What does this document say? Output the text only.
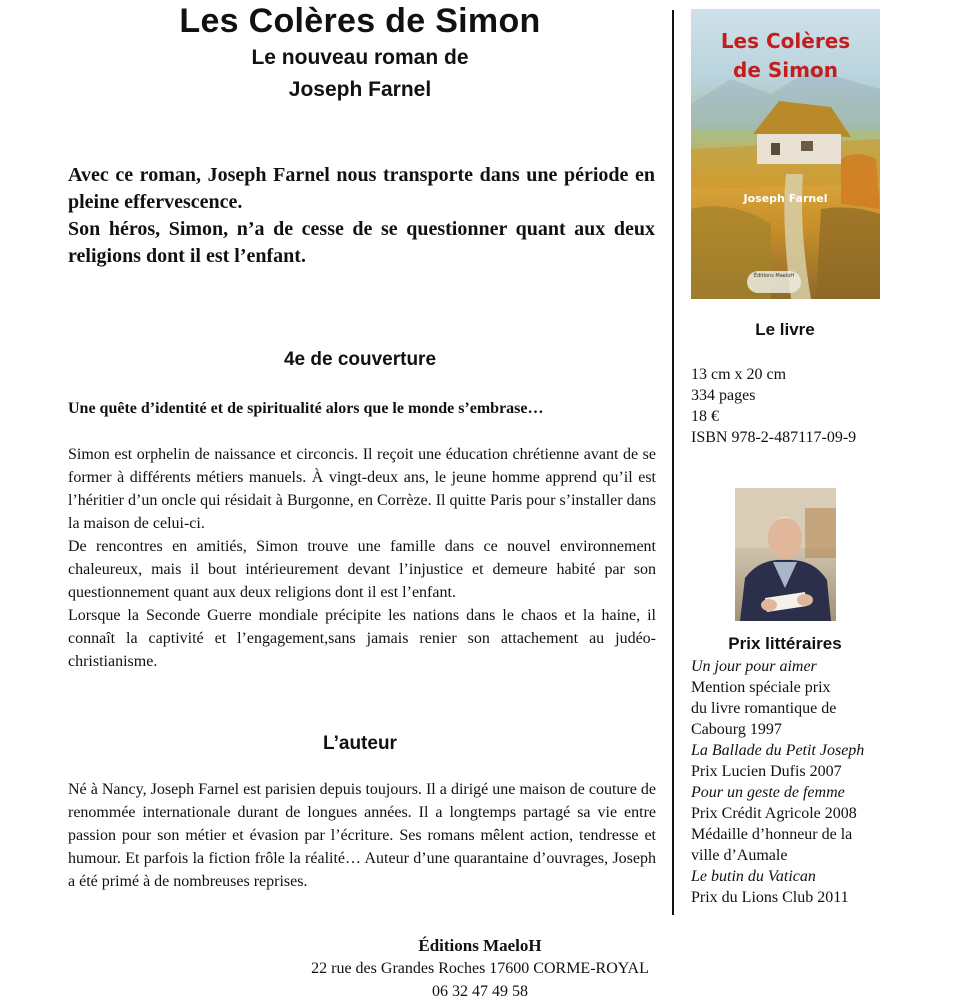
Les Colères de Simon
Le nouveau roman de
Joseph Farnel

Avec ce roman, Joseph Farnel nous transporte dans une période en pleine effervescence.

Son héros, Simon, n’a de cesse de se questionner quant aux deux religions dont il est l’enfant.

4e de couverture
Une quête d’identité et de spiritualité alors que le monde s’embrase…

Simon est orphelin de naissance et circoncis. Il reçoit une éducation chrétienne avant de se former à différents métiers manuels. À vingt-deux ans, le jeune homme apprend qu’il est l’héritier d’un oncle qui résidait à Burgonne, en Corrèze. Il quitte Paris pour s’installer dans la maison de celui-ci.

De rencontres en amitiés, Simon trouve une famille dans ce nouvel environnement chaleureux, mais il bout intérieurement devant l’injustice et demeure habité par son questionnement quant aux deux religions dont il est l’enfant.

Lorsque la Seconde Guerre mondiale précipite les nations dans le chaos et la haine, il connaît la captivité et l’engagement,sans jamais renier son attachement au judéo-christianisme.

L’auteur

Né à Nancy, Joseph Farnel est parisien depuis toujours. Il a dirigé une maison de couture de renommée internationale durant de longues années. Il a longtemps partagé sa vie entre passion pour son métier et évasion par l’écriture. Ses romans mêlent action, tendresse et humour. Et parfois la fiction frôle la réalité… Auteur d’une quarantaine d’ouvrages, Joseph a été primé à de nombreuses reprises.

Les Colères
de Simon
Joseph Farnel
Éditions MaeloH
Le livre
13 cm x 20 cm
334 pages
18 €
ISBN 978-2-487117-09-9
Prix littéraires
Un jour pour aimer
Mention spéciale prix
du livre romantique de
Cabourg 1997
La Ballade du Petit Joseph
Prix Lucien Dufis 2007
Pour un geste de femme
Prix Crédit Agricole 2008
Médaille d’honneur de la
ville d’Aumale
Le butin du Vatican
Prix du Lions Club 2011
Éditions MaeloH
22 rue des Grandes Roches 17600 CORME-ROYAL
06 32 47 49 58
